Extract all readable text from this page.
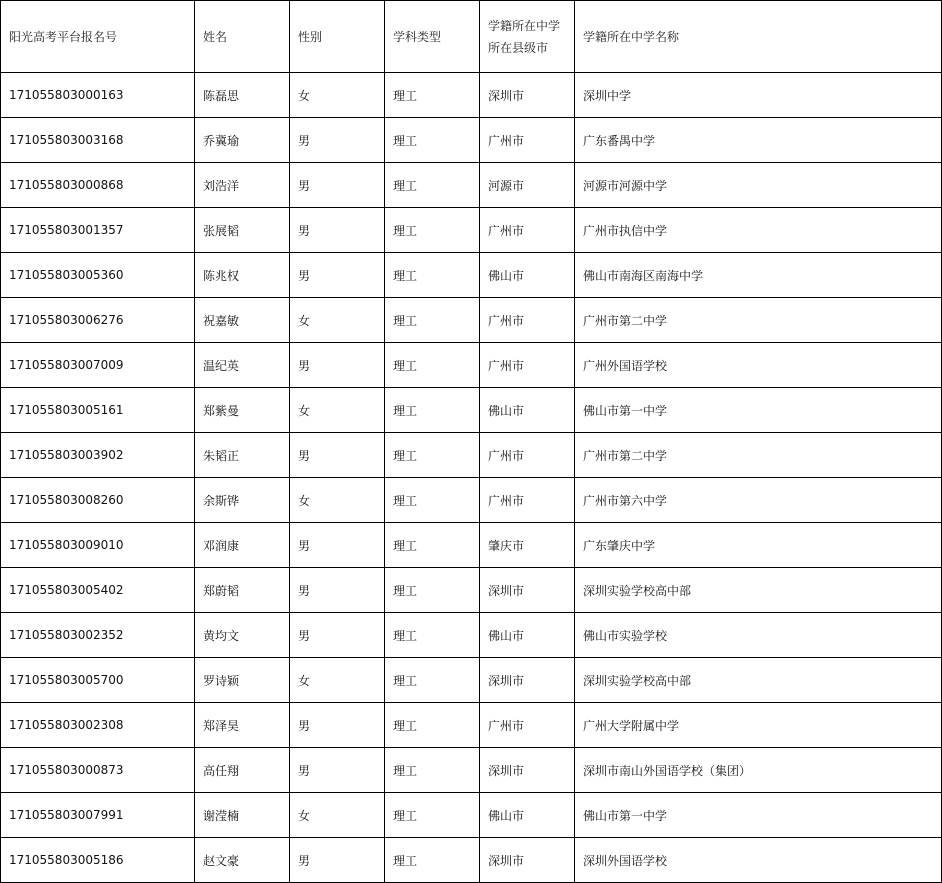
阳光高考平台报名号	姓名	性别	学科类型	学籍所在中学所在县级市	学籍所在中学名称
171055803000163	陈磊思	女	理工	深圳市	深圳中学
171055803003168	乔冀瑜	男	理工	广州市	广东番禺中学
171055803000868	刘浩洋	男	理工	河源市	河源市河源中学
171055803001357	张展韬	男	理工	广州市	广州市执信中学
171055803005360	陈兆权	男	理工	佛山市	佛山市南海区南海中学
171055803006276	祝嘉敏	女	理工	广州市	广州市第二中学
171055803007009	温纪英	男	理工	广州市	广州外国语学校
171055803005161	郑紫曼	女	理工	佛山市	佛山市第一中学
171055803003902	朱韬正	男	理工	广州市	广州市第二中学
171055803008260	余斯铧	女	理工	广州市	广州市第六中学
171055803009010	邓润康	男	理工	肇庆市	广东肇庆中学
171055803005402	郑蔚韬	男	理工	深圳市	深圳实验学校高中部
171055803002352	黄均文	男	理工	佛山市	佛山市实验学校
171055803005700	罗诗颖	女	理工	深圳市	深圳实验学校高中部
171055803002308	郑泽昊	男	理工	广州市	广州大学附属中学
171055803000873	高任翔	男	理工	深圳市	深圳市南山外国语学校（集团）
171055803007991	谢滢楠	女	理工	佛山市	佛山市第一中学
171055803005186	赵文豪	男	理工	深圳市	深圳外国语学校
